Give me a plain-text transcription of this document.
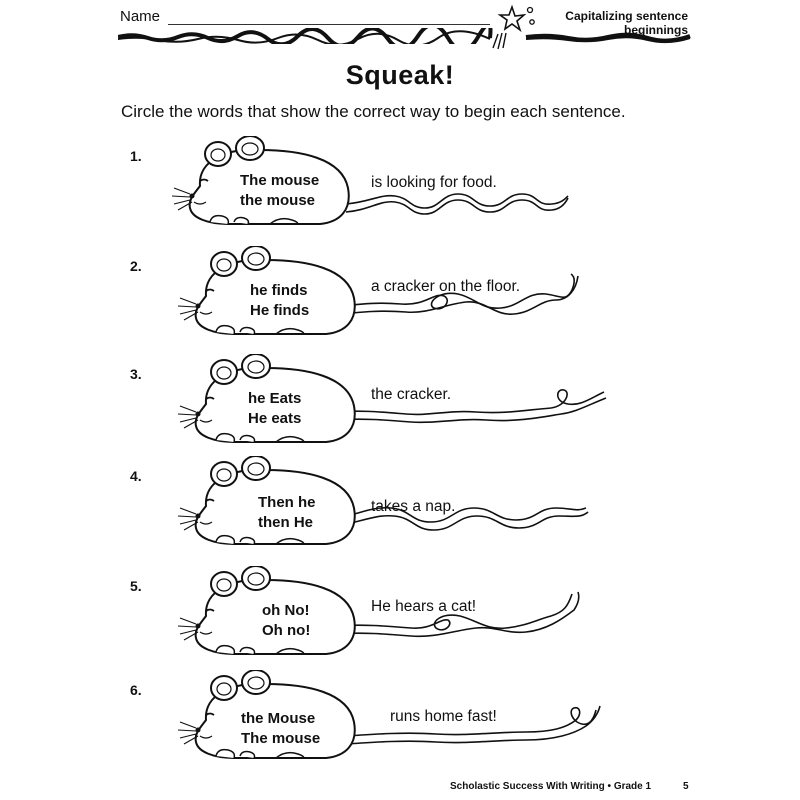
Name	Capitalizing sentence
beginnings
Squeak!
Circle the words that show the correct way to begin each sentence.
1.
The mouse
the mouse
is looking for food.
2.
he finds
He finds
a cracker on the floor.
3.
he Eats
He eats
the cracker.
4.
Then he
then He
takes a nap.
5.
oh No!
Oh no!
He hears a cat!
6.
the Mouse
The mouse
runs home fast!
Scholastic Success With Writing • Grade 1	5
